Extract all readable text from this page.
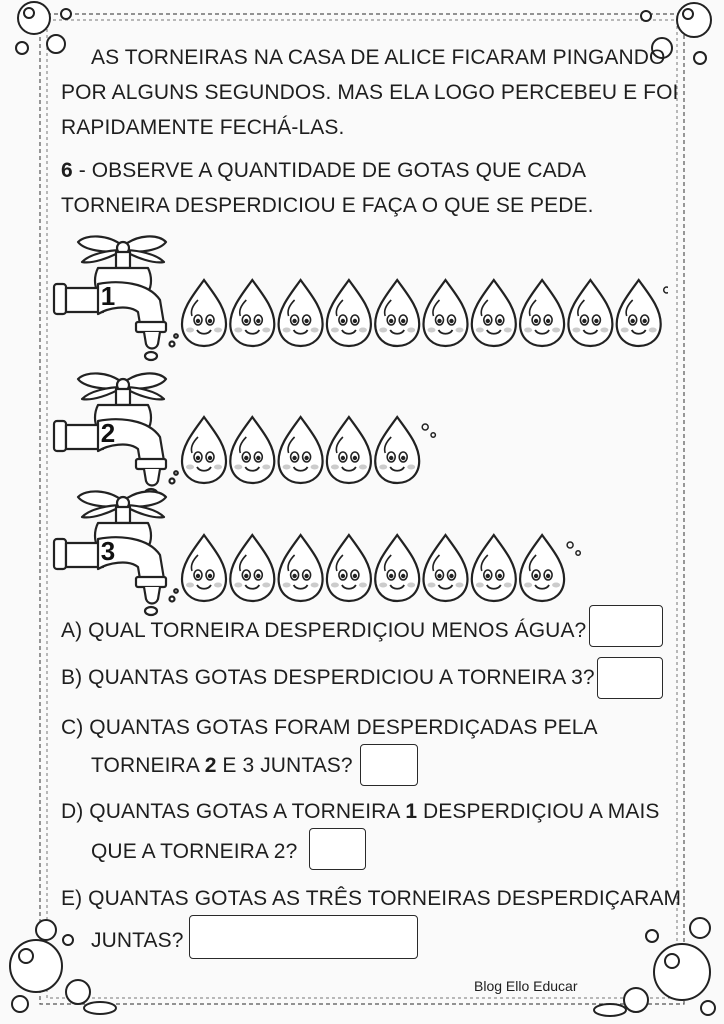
AS TORNEIRAS NA CASA DE ALICE FICARAM PINGANDO
POR ALGUNS SEGUNDOS. MAS ELA LOGO PERCEBEU E FOI
RAPIDAMENTE FECHÁ-LAS.
6 - OBSERVE A QUANTIDADE DE GOTAS QUE CADA
TORNEIRA DESPERDICIOU E FAÇA O QUE SE PEDE.
1
2
3
A) QUAL TORNEIRA DESPERDIÇIOU MENOS ÁGUA?
B) QUANTAS GOTAS DESPERDICIOU A TORNEIRA 3?
C) QUANTAS GOTAS FORAM DESPERDIÇADAS PELA
TORNEIRA 2 E 3 JUNTAS?
D) QUANTAS GOTAS A TORNEIRA 1 DESPERDIÇIOU A MAIS
QUE A TORNEIRA 2?
E) QUANTAS GOTAS AS TRÊS TORNEIRAS DESPERDIÇARAM
JUNTAS?
Blog Ello Educar
